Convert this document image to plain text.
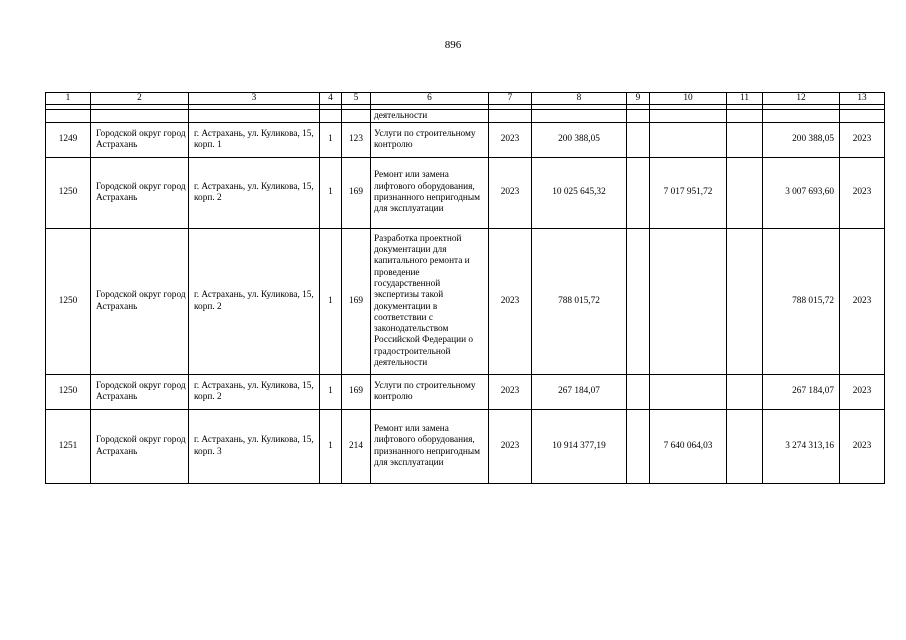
896
1	2	3	4	5	6	7	8	9	10	11	12	13

					деятельности							
1249	Городской округ город Астрахань	г. Астрахань, ул. Куликова, 15, корп. 1	1	123	Услуги по строительному контролю	2023	200 388,05				200 388,05	2023
1250	Городской округ город Астрахань	г. Астрахань, ул. Куликова, 15, корп. 2	1	169	Ремонт или замена лифтового оборудования, признанного непригодным для эксплуатации	2023	10 025 645,32		7 017 951,72		3 007 693,60	2023
1250	Городской округ город Астрахань	г. Астрахань, ул. Куликова, 15, корп. 2	1	169	Разработка проектной документации для капитального ремонта и проведение государственной экспертизы такой документации в соответствии с законодательством Российской Федерации о градостроительной деятельности	2023	788 015,72				788 015,72	2023
1250	Городской округ город Астрахань	г. Астрахань, ул. Куликова, 15, корп. 2	1	169	Услуги по строительному контролю	2023	267 184,07				267 184,07	2023
1251	Городской округ город Астрахань	г. Астрахань, ул. Куликова, 15, корп. 3	1	214	Ремонт или замена лифтового оборудования, признанного непригодным для эксплуатации	2023	10 914 377,19		7 640 064,03		3 274 313,16	2023
